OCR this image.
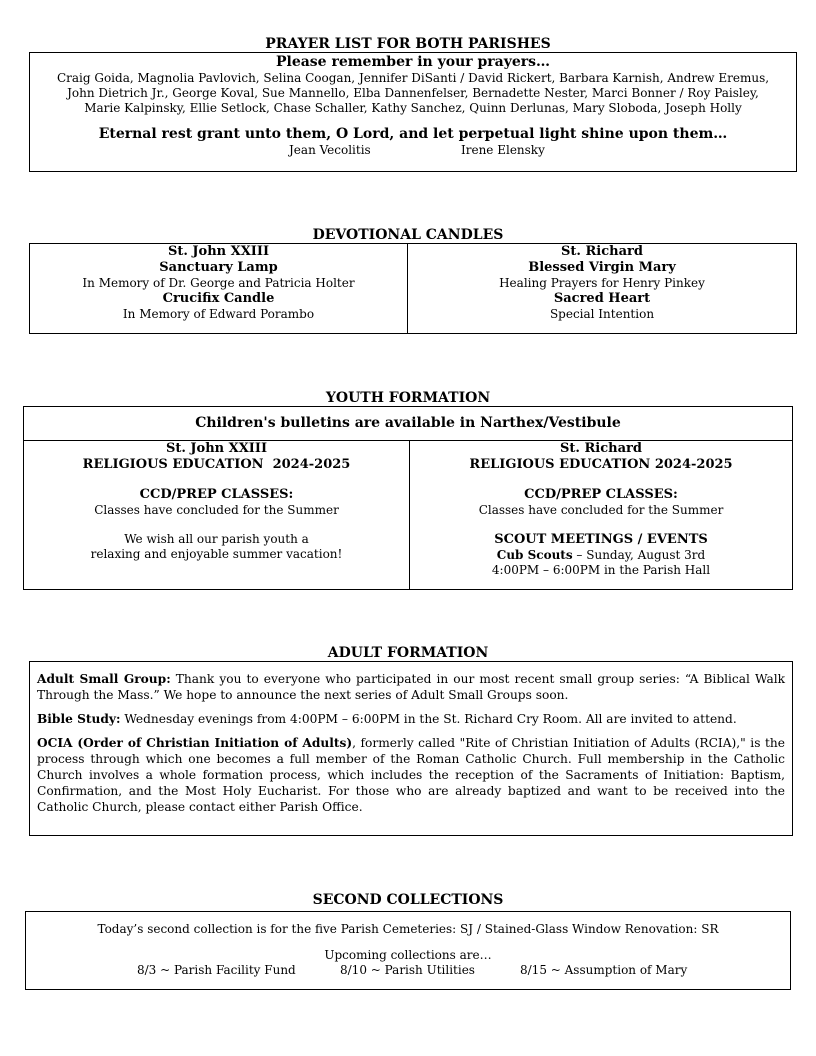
PRAYER LIST FOR BOTH PARISHES
Please remember in your prayers…
Craig Goida, Magnolia Pavlovich, Selina Coogan, Jennifer DiSanti / David Rickert, Barbara Karnish, Andrew Eremus,
John Dietrich Jr., George Koval, Sue Mannello, Elba Dannenfelser, Bernadette Nester, Marci Bonner / Roy Paisley,
Marie Kalpinsky, Ellie Setlock, Chase Schaller, Kathy Sanchez, Quinn Derlunas, Mary Sloboda, Joseph Holly
Eternal rest grant unto them, O Lord, and let perpetual light shine upon them…
Jean Vecolitis	Irene Elensky
DEVOTIONAL CANDLES
St. John XXIII
Sanctuary Lamp
In Memory of Dr. George and Patricia Holter
Crucifix Candle
In Memory of Edward Porambo
St. Richard
Blessed Virgin Mary
Healing Prayers for Henry Pinkey
Sacred Heart
Special Intention
YOUTH FORMATION
Children's bulletins are available in Narthex/Vestibule
St. John XXIII
RELIGIOUS EDUCATION  2024-2025
CCD/PREP CLASSES:
Classes have concluded for the Summer
We wish all our parish youth a
relaxing and enjoyable summer vacation!
St. Richard
RELIGIOUS EDUCATION 2024-2025
CCD/PREP CLASSES:
Classes have concluded for the Summer
SCOUT MEETINGS / EVENTS
Cub Scouts – Sunday, August 3rd
4:00PM – 6:00PM in the Parish Hall
ADULT FORMATION

Adult Small Group: Thank you to everyone who participated in our most recent small group series: “A Biblical Walk Through the Mass.” We hope to announce the next series of Adult Small Groups soon.

Bible Study: Wednesday evenings from 4:00PM – 6:00PM in the St. Richard Cry Room. All are invited to attend.

OCIA (Order of Christian Initiation of Adults), formerly called "Rite of Christian Initiation of Adults (RCIA)," is the process through which one becomes a full member of the Roman Catholic Church. Full membership in the Catholic Church involves a whole formation process, which includes the reception of the Sacraments of Initiation: Baptism, Confirmation, and the Most Holy Eucharist. For those who are already baptized and want to be received into the Catholic Church, please contact either Parish Office.

SECOND COLLECTIONS
Today’s second collection is for the five Parish Cemeteries: SJ / Stained-Glass Window Renovation: SR
Upcoming collections are…
8/3 ~ Parish Facility Fund	8/10 ~ Parish Utilities	8/15 ~ Assumption of Mary
